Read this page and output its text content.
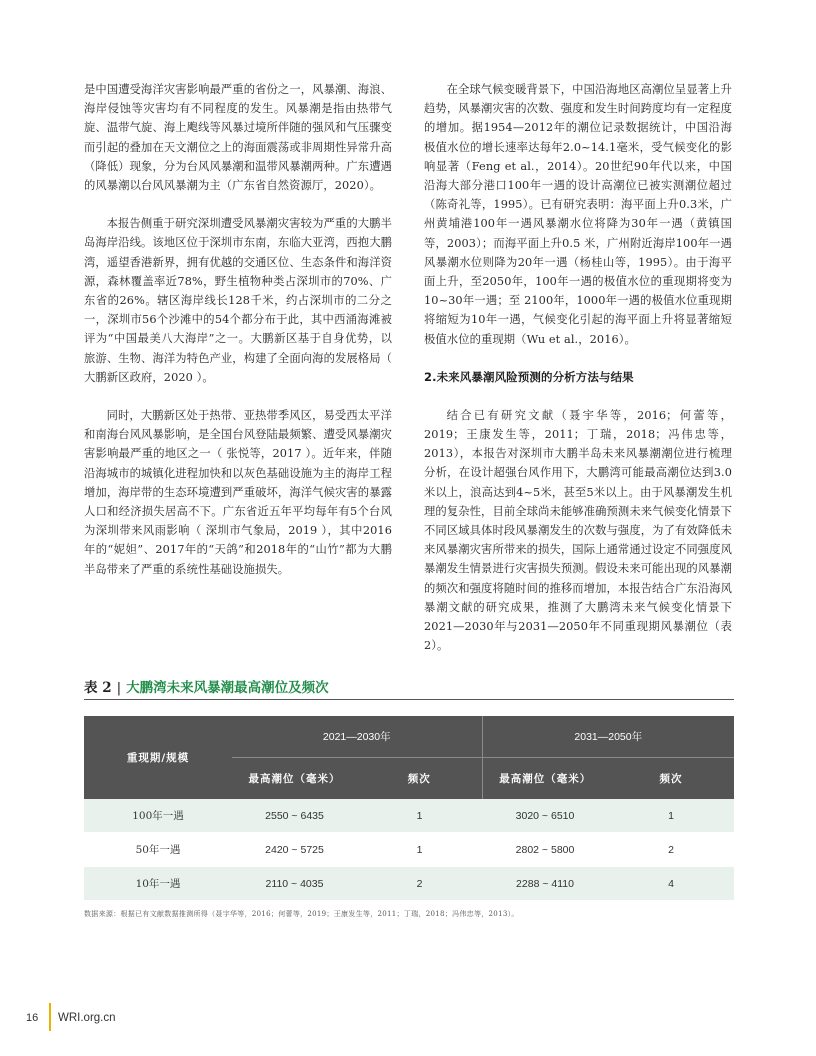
是中国遭受海洋灾害影响最严重的省份之一，风暴潮、海浪、海岸侵蚀等灾害均有不同程度的发生。风暴潮是指由热带气旋、温带气旋、海上飑线等风暴过境所伴随的强风和气压骤变而引起的叠加在天文潮位之上的海面震荡或非周期性异常升高（降低）现象，分为台风风暴潮和温带风暴潮两种。广东遭遇的风暴潮以台风风暴潮为主（广东省自然资源厅，2020）。

本报告侧重于研究深圳遭受风暴潮灾害较为严重的大鹏半岛海岸沿线。该地区位于深圳市东南，东临大亚湾，西抱大鹏湾，遥望香港新界，拥有优越的交通区位、生态条件和海洋资源，森林覆盖率近78%，野生植物种类占深圳市的70%、广东省的26%。辖区海岸线长128千米，约占深圳市的二分之一，深圳市56个沙滩中的54个都分布于此，其中西涌海滩被评为“中国最美八大海岸”之一。大鹏新区基于自身优势，以旅游、生物、海洋为特色产业，构建了全面向海的发展格局（ 大鹏新区政府，2020 ）。

同时，大鹏新区处于热带、亚热带季风区，易受西太平洋和南海台风风暴影响，是全国台风登陆最频繁、遭受风暴潮灾害影响最严重的地区之一（ 张悦等，2017 ）。近年来，伴随沿海城市的城镇化进程加快和以灰色基础设施为主的海岸工程增加，海岸带的生态环境遭到严重破坏，海洋气候灾害的暴露人口和经济损失居高不下。广东省近五年平均每年有5个台风为深圳带来风雨影响（ 深圳市气象局，2019 ），其中2016年的“妮妲”、2017年的“天鸽”和2018年的“山竹”都为大鹏半岛带来了严重的系统性基础设施损失。

在全球气候变暖背景下，中国沿海地区高潮位呈显著上升趋势，风暴潮灾害的次数、强度和发生时间跨度均有一定程度的增加。据1954—2012年的潮位记录数据统计，中国沿海极值水位的增长速率达每年2.0~14.1毫米，受气候变化的影响显著（Feng et al.，2014）。20世纪90年代以来，中国沿海大部分港口100年一遇的设计高潮位已被实测潮位超过（陈奇礼等，1995）。已有研究表明：海平面上升0.3米，广州黄埔港100年一遇风暴潮水位将降为30年一遇（黄镇国等，2003）；而海平面上升0.5 米，广州附近海岸100年一遇风暴潮水位则降为20年一遇（杨桂山等，1995）。由于海平面上升，至2050年，100年一遇的极值水位的重现期将变为10~30年一遇；至 2100年，1000年一遇的极值水位重现期将缩短为10年一遇，气候变化引起的海平面上升将显著缩短极值水位的重现期（Wu et al.，2016）。

2.未来风暴潮风险预测的分析方法与结果

结合已有研究文献（聂宇华等，2016；何蕾等，2019；王康发生等，2011；丁瑞，2018；冯伟忠等，2013），本报告对深圳市大鹏半岛未来风暴潮潮位进行梳理分析，在设计超强台风作用下，大鹏湾可能最高潮位达到3.0米以上，浪高达到4~5米，甚至5米以上。由于风暴潮发生机理的复杂性，目前全球尚未能够准确预测未来气候变化情景下不同区域具体时段风暴潮发生的次数与强度，为了有效降低未来风暴潮灾害所带来的损失，国际上通常通过设定不同强度风暴潮发生情景进行灾害损失预测。假设未来可能出现的风暴潮的频次和强度将随时间的推移而增加，本报告结合广东沿海风暴潮文献的研究成果，推测了大鹏湾未来气候变化情景下2021—2030年与2031—2050年不同重现期风暴潮位（表2）。

表 2 | 大鹏湾未来风暴潮最高潮位及频次
重现期/规模	2021—2030年		2031—2050年	
	最高潮位（毫米）	频次	最高潮位（毫米）	频次
100年一遇	2550 ~ 6435	1	3020 ~ 6510	1
50年一遇	2420 ~ 5725	1	2802 ~ 5800	2
10年一遇	2110 ~ 4035	2	2288 ~ 4110	4
数据来源：根据已有文献数据推测所得（聂宇华等，2016；何蕾等，2019；王康发生等，2011；丁瑞，2018；冯伟忠等，2013）。
16 WRI.org.cn
